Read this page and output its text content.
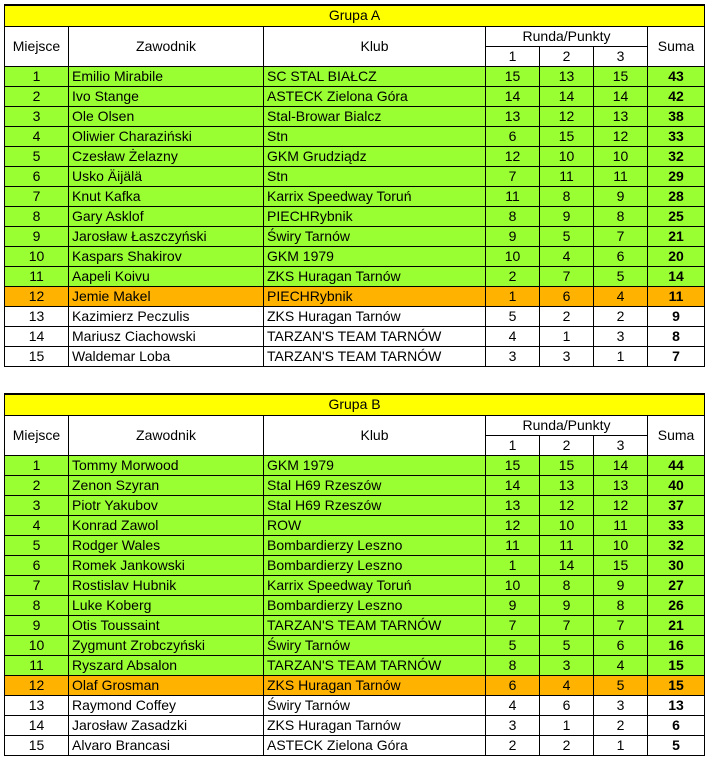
Grupa A						
Miejsce	Zawodnik	Klub	Runda/Punkty			Suma
			1	2	3	
1	Emilio Mirabile	SC STAL BIAŁCZ	15	13	15	43
2	Ivo Stange	ASTECK Zielona Góra	14	14	14	42
3	Ole Olsen	Stal-Browar Bialcz	13	12	13	38
4	Oliwier Charaziński	Stn	6	15	12	33
5	Czesław Żelazny	GKM Grudziądz	12	10	10	32
6	Usko Äijälä	Stn	7	11	11	29
7	Knut Kafka	Karrix Speedway Toruń	11	8	9	28
8	Gary Asklof	PIECHRybnik	8	9	8	25
9	Jarosław Łaszczyński	Świry Tarnów	9	5	7	21
10	Kaspars Shakirov	GKM 1979	10	4	6	20
11	Aapeli Koivu	ZKS Huragan Tarnów	2	7	5	14
12	Jemie Makel	PIECHRybnik	1	6	4	11
13	Kazimierz Peczulis	ZKS Huragan Tarnów	5	2	2	9
14	Mariusz Ciachowski	TARZAN'S TEAM TARNÓW	4	1	3	8
15	Waldemar Loba	TARZAN'S TEAM TARNÓW	3	3	1	7
Grupa B						
Miejsce	Zawodnik	Klub	Runda/Punkty			Suma
			1	2	3	
1	Tommy Morwood	GKM 1979	15	15	14	44
2	Zenon Szyran	Stal H69 Rzeszów	14	13	13	40
3	Piotr Yakubov	Stal H69 Rzeszów	13	12	12	37
4	Konrad Zawol	ROW	12	10	11	33
5	Rodger Wales	Bombardierzy Leszno	11	11	10	32
6	Romek Jankowski	Bombardierzy Leszno	1	14	15	30
7	Rostislav Hubnik	Karrix Speedway Toruń	10	8	9	27
8	Luke Koberg	Bombardierzy Leszno	9	9	8	26
9	Otis Toussaint	TARZAN'S TEAM TARNÓW	7	7	7	21
10	Zygmunt Zrobczyński	Świry Tarnów	5	5	6	16
11	Ryszard Absalon	TARZAN'S TEAM TARNÓW	8	3	4	15
12	Olaf Grosman	ZKS Huragan Tarnów	6	4	5	15
13	Raymond Coffey	Świry Tarnów	4	6	3	13
14	Jarosław Zasadzki	ZKS Huragan Tarnów	3	1	2	6
15	Alvaro Brancasi	ASTECK Zielona Góra	2	2	1	5
